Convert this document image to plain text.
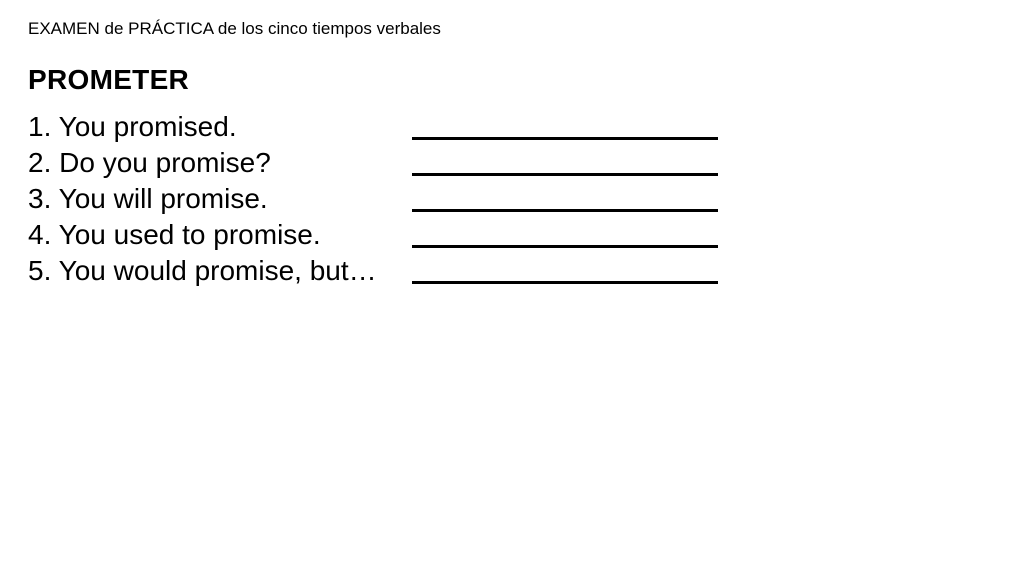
EXAMEN de PRÁCTICA de los cinco tiempos verbales
PROMETER
1. You promised.
2. Do you promise?
3. You will promise.
4. You used to promise.
5. You would promise, but…
